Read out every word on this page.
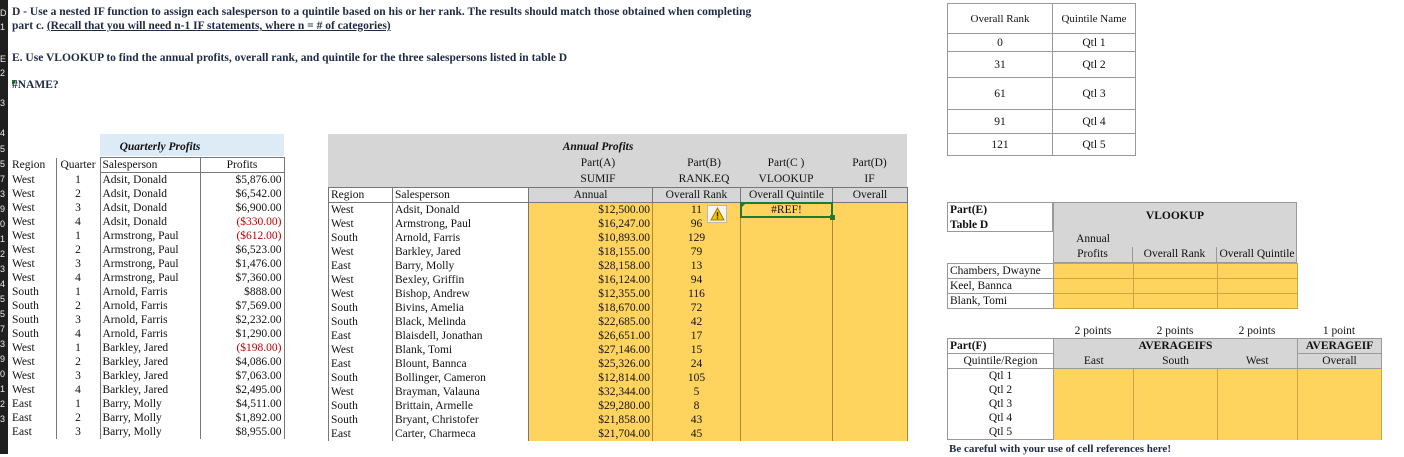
D
1
E
2
3
4
5
5
7
3
9
0
1
2
3
4
5
5
7
3
9
0
1
2
3
D - Use a nested IF function to assign each salesperson to a quintile based on his or her rank. The results should match those obtained when completing
part c. (Recall that you will need n-1 IF statements, where n = # of categories)
E. Use VLOOKUP to find the annual profits, overall rank, and quintile for the three salespersons listed in table D
#NAME?
Overall Rank	Quintile Name
0	Qtl 1
31	Qtl 2
61	Qtl 3
91	Qtl 4
121	Qtl 5
Quarterly Profits
Region	Quarter	Salesperson	Profits
West	1	Adsit, Donald	$5,876.00
West	2	Adsit, Donald	$6,542.00
West	3	Adsit, Donald	$6,900.00
West	4	Adsit, Donald	($330.00)
West	1	Armstrong, Paul	($612.00)
West	2	Armstrong, Paul	$6,523.00
West	3	Armstrong, Paul	$1,476.00
West	4	Armstrong, Paul	$7,360.00
South	1	Arnold, Farris	$888.00
South	2	Arnold, Farris	$7,569.00
South	3	Arnold, Farris	$2,232.00
South	4	Arnold, Farris	$1,290.00
West	1	Barkley, Jared	($198.00)
West	2	Barkley, Jared	$4,086.00
West	3	Barkley, Jared	$7,063.00
West	4	Barkley, Jared	$2,495.00
East	1	Barry, Molly	$4,511.00
East	2	Barry, Molly	$1,892.00
East	3	Barry, Molly	$8,955.00
Annual Profits
Part(A)	Part(B)	Part(C )	Part(D)
SUMIF	RANK.EQ	VLOOKUP	IF
Region	Salesperson	Annual	Overall Rank	Overall Quintile	Overall
West	Adsit, Donald	$12,500.00	11	#REF!	
West	Armstrong, Paul	$16,247.00	96		
South	Arnold, Farris	$10,893.00	129		
West	Barkley, Jared	$18,155.00	79		
East	Barry, Molly	$28,158.00	13		
West	Bexley, Griffin	$16,124.00	94		
West	Bishop, Andrew	$12,355.00	116		
South	Bivins, Amelia	$18,670.00	72		
South	Black, Melinda	$22,685.00	42		
East	Blaisdell, Jonathan	$26,651.00	17		
West	Blank, Tomi	$27,146.00	15		
East	Blount, Bannca	$25,326.00	24		
South	Bollinger, Cameron	$12,814.00	105		
West	Brayman, Valauna	$32,344.00	5		
South	Brittain, Armelle	$29,280.00	8		
South	Bryant, Christofer	$21,858.00	43		
East	Carter, Charmeca	$21,704.00	45		
Part(E)
Table D
VLOOKUP
Annual
Profits	Overall Rank	Overall Quintile
Chambers, Dwayne			
Keel, Bannca			
Blank, Tomi			
2 points	2 points	2 points	1 point
Part(F)		AVERAGEIFS		AVERAGEIF
Quintile/Region	East	South	West	Overall
Qtl 1				
Qtl 2				
Qtl 3				
Qtl 4				
Qtl 5				
Be careful with your use of cell references here!
